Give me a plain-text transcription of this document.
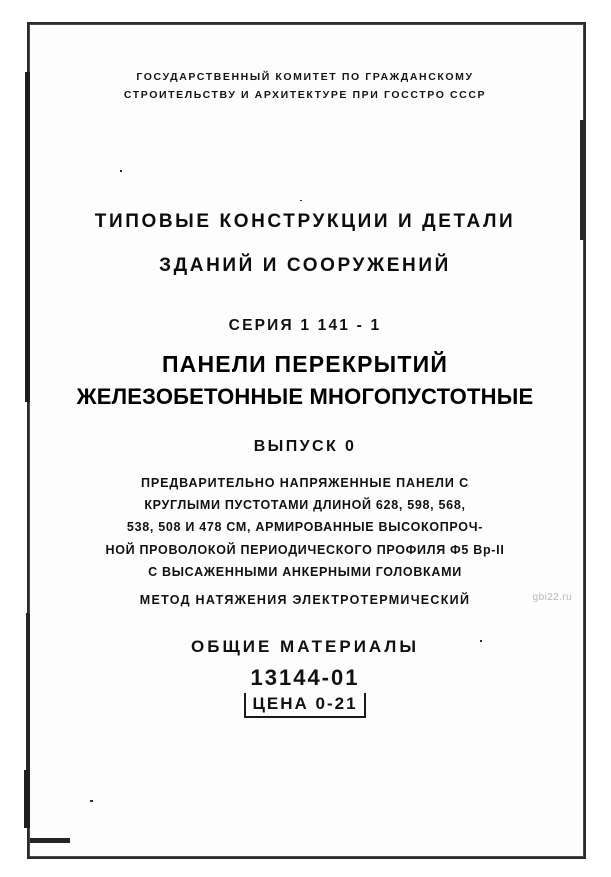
ГОСУДАРСТВЕННЫЙ КОМИТЕТ ПО ГРАЖДАНСКОМУ
СТРОИТЕЛЬСТВУ И АРХИТЕКТУРЕ ПРИ ГОССТРО СССР
ТИПОВЫЕ КОНСТРУКЦИИ И ДЕТАЛИ
ЗДАНИЙ И СООРУЖЕНИЙ
СЕРИЯ 1 141 - 1
ПАНЕЛИ ПЕРЕКРЫТИЙ
ЖЕЛЕЗОБЕТОННЫЕ МНОГОПУСТОТНЫЕ
ВЫПУСК 0
ПРЕДВАРИТЕЛЬНО НАПРЯЖЕННЫЕ ПАНЕЛИ С
КРУГЛЫМИ ПУСТОТАМИ ДЛИНОЙ 628, 598, 568,
538, 508 И 478 СМ, АРМИРОВАННЫЕ ВЫСОКОПРОЧ-
НОЙ ПРОВОЛОКОЙ ПЕРИОДИЧЕСКОГО ПРОФИЛЯ Ф5 Вр-II
С ВЫСАЖЕННЫМИ АНКЕРНЫМИ ГОЛОВКАМИ
МЕТОД НАТЯЖЕНИЯ ЭЛЕКТРОТЕРМИЧЕСКИЙ
ОБЩИЕ МАТЕРИАЛЫ
13144-01
ЦЕНА 0-21
gbi22.ru
